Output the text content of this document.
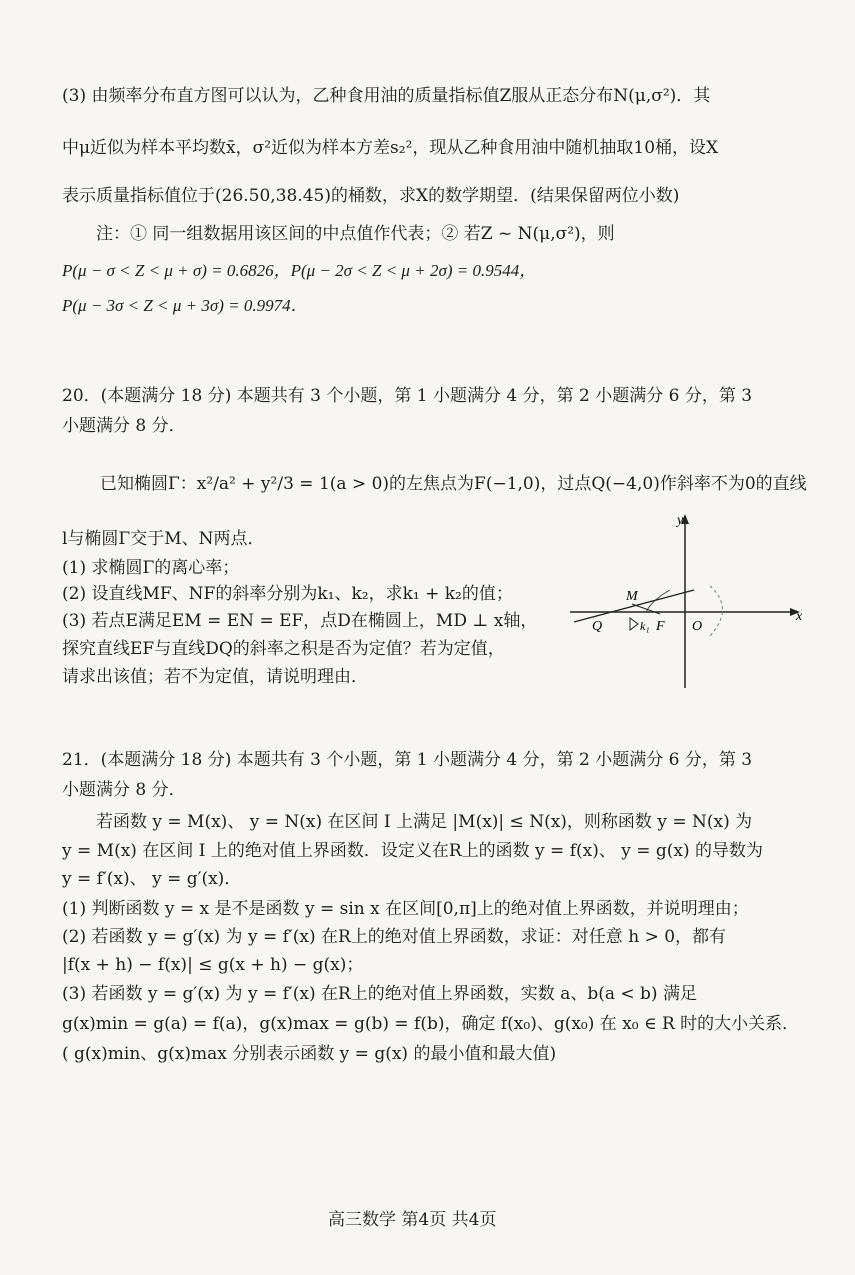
(3) 由频率分布直方图可以认为，乙种食用油的质量指标值Z服从正态分布N(μ,σ²)．其
中μ近似为样本平均数x̄，σ²近似为样本方差s₂²，现从乙种食用油中随机抽取10桶，设X
表示质量指标值位于(26.50,38.45)的桶数，求X的数学期望．(结果保留两位小数)
注：① 同一组数据用该区间的中点值作代表；② 若Z ~ N(μ,σ²)，则
P(μ − σ < Z < μ + σ) = 0.6826，P(μ − 2σ < Z < μ + 2σ) = 0.9544，
P(μ − 3σ < Z < μ + 3σ) = 0.9974．
20．(本题满分 18 分) 本题共有 3 个小题，第 1 小题满分 4 分，第 2 小题满分 6 分，第 3
小题满分 8 分．
已知椭圆Γ：x²/a² + y²/3 = 1(a > 0)的左焦点为F(−1,0)，过点Q(−4,0)作斜率不为0的直线
l与椭圆Γ交于M、N两点．
(1) 求椭圆Γ的离心率；
(2) 设直线MF、NF的斜率分别为k₁、k₂，求k₁ + k₂的值；
(3) 若点E满足EM = EN = EF，点D在椭圆上，MD ⊥ x轴，
探究直线EF与直线DQ的斜率之积是否为定值？若为定值，
请求出该值；若不为定值，请说明理由．
y
x
M
Q	k₁ F O
21．(本题满分 18 分) 本题共有 3 个小题，第 1 小题满分 4 分，第 2 小题满分 6 分，第 3
小题满分 8 分．
若函数 y = M(x)、 y = N(x) 在区间 I 上满足 |M(x)| ≤ N(x)，则称函数 y = N(x) 为
y = M(x) 在区间 I 上的绝对值上界函数．设定义在R上的函数 y = f(x)、 y = g(x) 的导数为
y = f′(x)、 y = g′(x)．
(1) 判断函数 y = x 是不是函数 y = sin x 在区间[0,π]上的绝对值上界函数，并说明理由；
(2) 若函数 y = g′(x) 为 y = f′(x) 在R上的绝对值上界函数，求证：对任意 h > 0，都有
|f(x + h) − f(x)| ≤ g(x + h) − g(x)；
(3) 若函数 y = g′(x) 为 y = f′(x) 在R上的绝对值上界函数，实数 a、b(a < b) 满足
g(x)min = g(a) = f(a)，g(x)max = g(b) = f(b)，确定 f(x₀)、g(x₀) 在 x₀ ∈ R 时的大小关系．
( g(x)min、g(x)max 分别表示函数 y = g(x) 的最小值和最大值)
高三数学 第4页 共4页
